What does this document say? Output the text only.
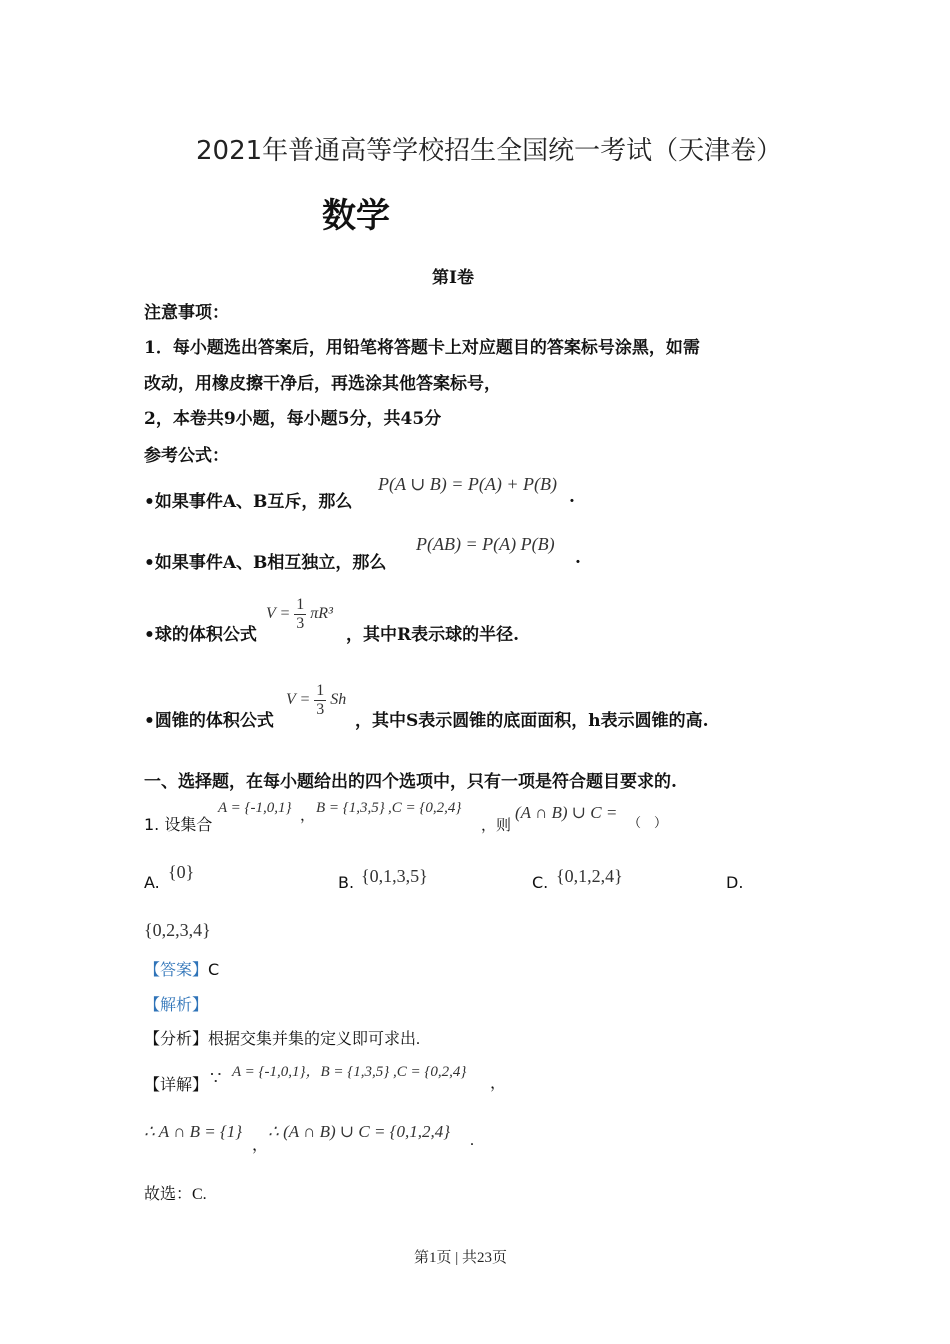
2021年普通高等学校招生全国统一考试（天津卷）
数学
第I卷
注意事项：
1．每小题选出答案后，用铅笔将答题卡上对应题目的答案标号涂黑，如需
改动，用橡皮擦干净后，再选涂其他答案标号，
2，本卷共9小题，每小题5分，共45分
参考公式：
•如果事件A、B互斥，那么
P(A ∪ B) = P(A) + P(B)
.
•如果事件A、B相互独立，那么
P(AB) = P(A) P(B)
.
•球的体积公式
$V = \frac{1}{3} \pi R^3$
，其中R表示球的半径.
•圆锥的体积公式
$V = \frac{1}{3}$ Sh
，其中S表示圆锥的底面面积，h表示圆锥的高.
一、选择题，在每小题给出的四个选项中，只有一项是符合题目要求的.
1. 设集合
A = {-1,0,1} ， B = {1,3,5} ,C = {0,2,4}
，则
(A ∩ B) ∪ C =
（　）
A.
{0}
B. {0,1,3,5}	C. {0,1,2,4}	D.
{0,2,3,4}
【答案】C
【解析】
【分析】根据交集并集的定义即可求出.
【详解】 ∵ A = {-1,0,1}，B = {1,3,5} ,C = {0,2,4}
，
∴ A ∩ B = {1}
，
∴ (A ∩ B) ∪ C = {0,1,2,4} .
故选：C.
第1页 | 共23页
